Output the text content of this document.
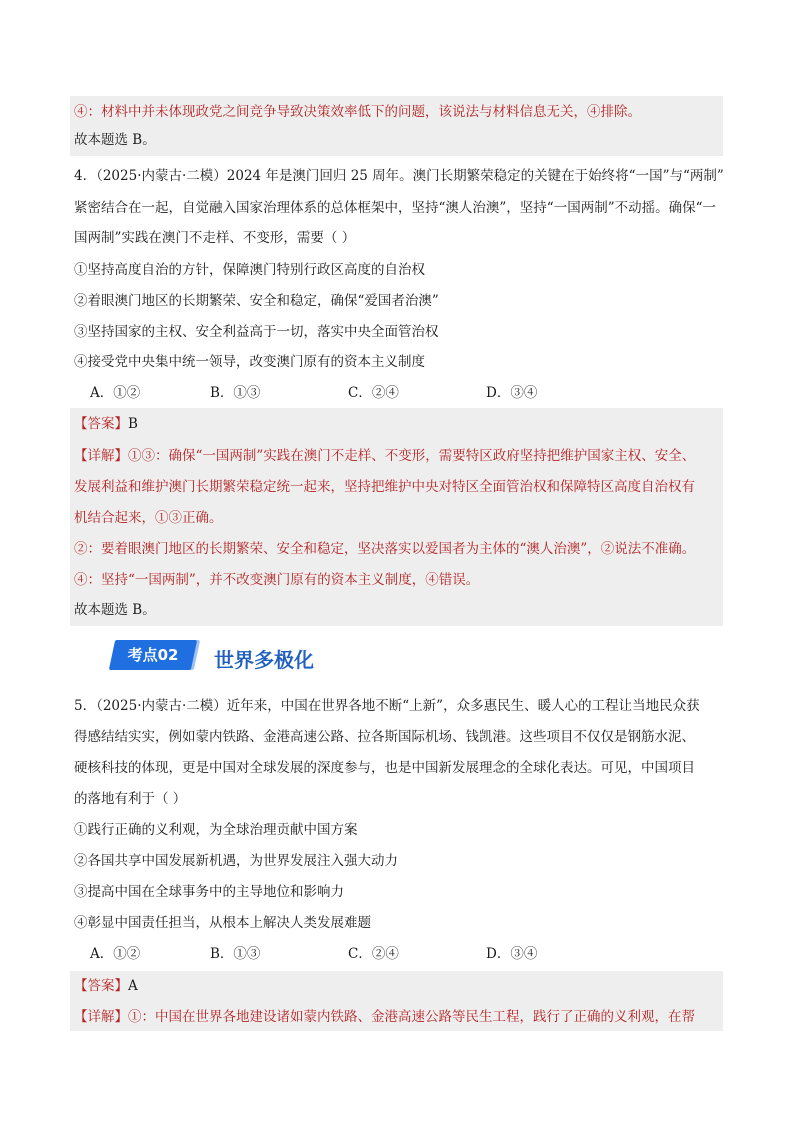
④：材料中并未体现政党之间竞争导致决策效率低下的问题，该说法与材料信息无关，④排除。
故本题选 B。
4．（2025·内蒙古·二模）2024 年是澳门回归 25 周年。澳门长期繁荣稳定的关键在于始终将“一国”与“两制”
紧密结合在一起，自觉融入国家治理体系的总体框架中，坚持“澳人治澳”，坚持“一国两制”不动摇。确保“一
国两制”实践在澳门不走样、不变形，需要（ ）
①坚持高度自治的方针，保障澳门特别行政区高度的自治权
②着眼澳门地区的长期繁荣、安全和稳定，确保“爱国者治澳”
③坚持国家的主权、安全利益高于一切，落实中央全面管治权
④接受党中央集中统一领导，改变澳门原有的资本主义制度
A．①②	B．①③	C．②④	D．③④
【答案】B
【详解】①③：确保“一国两制”实践在澳门不走样、不变形，需要特区政府坚持把维护国家主权、安全、
发展利益和维护澳门长期繁荣稳定统一起来，坚持把维护中央对特区全面管治权和保障特区高度自治权有
机结合起来，①③正确。
②：要着眼澳门地区的长期繁荣、安全和稳定，坚决落实以爱国者为主体的“澳人治澳”，②说法不准确。
④：坚持“一国两制”，并不改变澳门原有的资本主义制度，④错误。
故本题选 B。
考点02	世界多极化
5．（2025·内蒙古·二模）近年来，中国在世界各地不断“上新”，众多惠民生、暖人心的工程让当地民众获
得感结结实实，例如蒙内铁路、金港高速公路、拉各斯国际机场、钱凯港。这些项目不仅仅是钢筋水泥、
硬核科技的体现，更是中国对全球发展的深度参与，也是中国新发展理念的全球化表达。可见，中国项目
的落地有利于（ ）
①践行正确的义利观，为全球治理贡献中国方案
②各国共享中国发展新机遇，为世界发展注入强大动力
③提高中国在全球事务中的主导地位和影响力
④彰显中国责任担当，从根本上解决人类发展难题
A．①②	B．①③	C．②④	D．③④
【答案】A
【详解】①：中国在世界各地建设诸如蒙内铁路、金港高速公路等民生工程，践行了正确的义利观，在帮
